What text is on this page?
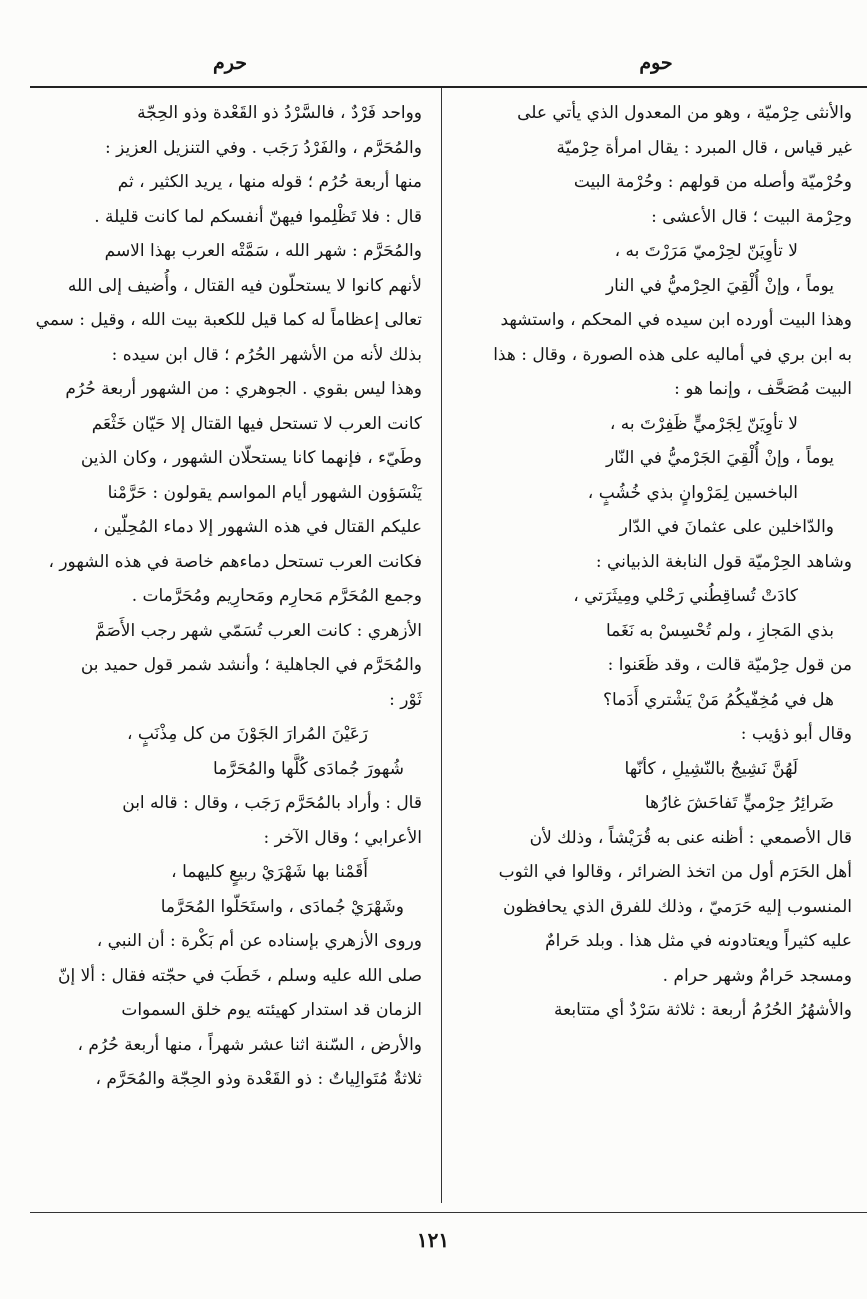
حوم
حرم
والأنثى حِرْميّة ، وهو من المعدول الذي يأتي على
غير قياس ، قال المبرد : يقال امرأة حِرْميّة
وحُرْميّة وأصله من قولهم : وحُرْمة البيت
وحِرْمة البيت ؛ قال الأعشى :
لا تأوِيَنّ لحِرْميّ مَرَرْتَ به ،
يوماً ، وإنْ أُلْقِيَ الحِرْميُّ في النار
وهذا البيت أورده ابن سيده في المحكم ، واستشهد
به ابن بري في أماليه على هذه الصورة ، وقال : هذا
البيت مُصَحَّف ، وإنما هو :
لا تأوِيَنّ لِجَرْميٍّ ظَفِرْتَ به ،
يوماً ، وإنْ أُلْقِيَ الجَرْميُّ في النّار
الباخسين لِمَرْوانٍ بذي خُشُبٍ ،
والدّاخلين على عثمانَ في الدّار
وشاهد الحِرْميّة قول النابغة الذبياني :
كادَتْ تُساقِطُني رَحْلي ومِيثَرَتي ،
بذي المَجازِ ، ولم تُحْسِسْ به نَغَما
من قول حِرْميّة قالت ، وقد ظَعَنوا :
هل في مُخِفّيكُمُ مَنْ يَشْتري أَدَما؟
وقال أبو ذؤيب :
لَهُنَّ نَشِيجٌ بالنّشِيلِ ، كأنّها
ضَرائِرُ حِرْميٍّ تَفاحَشَ غارُها
قال الأصمعي : أظنه عنى به قُرَيْشاً ، وذلك لأن
أهل الحَرَم أول من اتخذ الضرائر ، وقالوا في الثوب
المنسوب إليه حَرَميّ ، وذلك للفرق الذي يحافظون
عليه كثيراً ويعتادونه في مثل هذا . وبلد حَرامٌ
ومسجد حَرامٌ وشهر حرام .
والأشهُرُ الحُرُمُ أربعة : ثلاثة سَرْدٌ أي متتابعة
وواحد فَرْدٌ ، فالسَّرْدُ ذو القَعْدة وذو الحِجّة
والمُحَرَّم ، والفَرْدُ رَجَب . وفي التنزيل العزيز :
منها أربعة حُرُم ؛ قوله منها ، يريد الكثير ، ثم
قال : فلا تَظْلِموا فيهنّ أنفسكم لما كانت قليلة .
والمُحَرَّم : شهر الله ، سَمَّتْه العرب بهذا الاسم
لأنهم كانوا لا يستحلّون فيه القتال ، وأُضيف إلى الله
تعالى إعظاماً له كما قيل للكعبة بيت الله ، وقيل : سمي
بذلك لأنه من الأشهر الحُرُم ؛ قال ابن سيده :
وهذا ليس بقوي . الجوهري : من الشهور أربعة حُرُم
كانت العرب لا تستحل فيها القتال إلا حَيّان خَثْعَم
وطَيّء ، فإنهما كانا يستحلّان الشهور ، وكان الذين
يَنْسَؤون الشهور أيام المواسم يقولون : حَرَّمْنا
عليكم القتال في هذه الشهور إلا دماء المُحِلّين ،
فكانت العرب تستحل دماءهم خاصة في هذه الشهور ،
وجمع المُحَرَّم مَحارِم ومَحارِيم ومُحَرَّمات .
الأزهري : كانت العرب تُسَمّي شهر رجب الأَصَمَّ
والمُحَرَّم في الجاهلية ؛ وأنشد شمر قول حميد بن
ثَوْر :
رَعَيْنَ المُرارَ الجَوْنَ من كل مِذْنَبٍ ،
شُهورَ جُمادَى كُلَّها والمُحَرَّما
قال : وأراد بالمُحَرَّم رَجَب ، وقال : قاله ابن
الأعرابي ؛ وقال الآخر :
أَقَمْنا بها شَهْرَيْ ربيعٍ كليهما ،
وشَهْرَيْ جُمادَى ، واستَحَلّوا المُحَرَّما
وروى الأزهري بإسناده عن أم بَكْرة : أن النبي ،
صلى الله عليه وسلم ، خَطَبَ في حجّته فقال : ألا إنّ
الزمان قد استدار كهيئته يوم خلق السموات
والأرض ، السّنة اثنا عشر شهراً ، منها أربعة حُرُم ،
ثلاثةٌ مُتَوالِياتٌ : ذو القَعْدة وذو الحِجّة والمُحَرَّم ،
١٢١
